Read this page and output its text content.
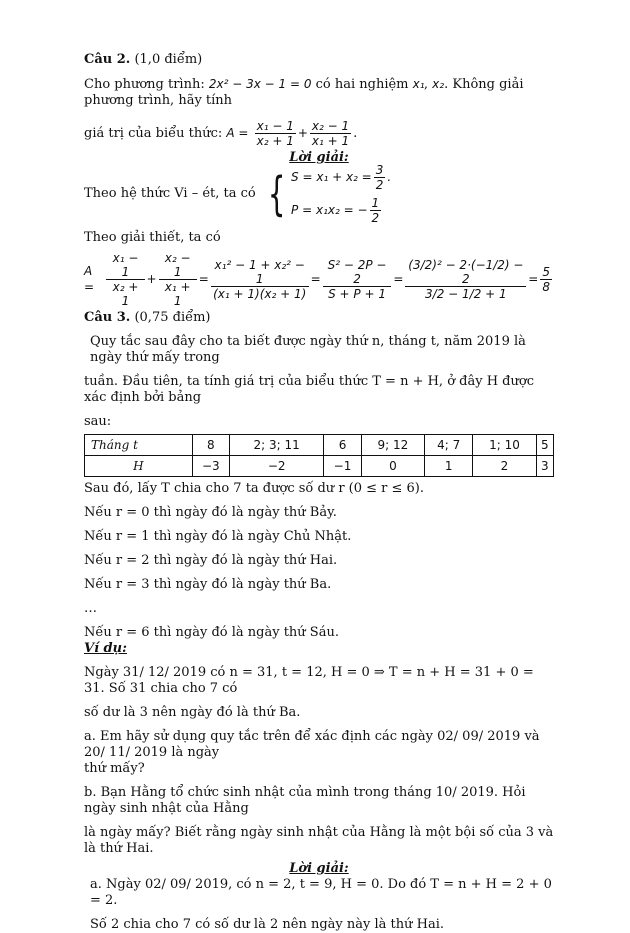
Câu 2. (1,0 điểm)

Cho phương trình: 2x² − 3x − 1 = 0 có hai nghiệm x₁, x₂. Không giải phương trình, hãy tính

giá trị của biểu thức: $A = \frac{\text{x₁ − 1}}{\text{x₂ + 1}} + \frac{\text{x₂ − 1}}{\text{x₁ + 1}}$ .

Lời giải:

Theo hệ thức Vi – ét, ta có { $S = x_1 + x_2 = \frac{3}{2}$ .
P = x₁x₂ = − $\frac{1}{2}$

Theo giải thiết, ta có

A =	$\frac{\text{x₁ − 1}}{\text{x₂ + 1}} + \frac{\text{x₂ − 1}}{\text{x₁ + 1}} = \frac{\text{x₁² − 1 + x₂² − 1}}{\text{(x₁ + 1)(x₂ + 1)}} = \frac{\text{S² − 2P − 2}}{S + P + 1} = \frac{\text{(3/2)² − 2·(−1/2) − 2}}{3/2 - 1/2 + 1} = \frac{5}{8}$

Câu 3. (0,75 điểm)

Quy tắc sau đây cho ta biết được ngày thứ n, tháng t, năm 2019 là ngày thứ mấy trong

tuần. Đầu tiên, ta tính giá trị của biểu thức T = n + H, ở đây H được xác định bởi bảng

sau:

Tháng t	8	2; 3; 11	6	9; 12	4; 7	1; 10	5
H	−3	−2	−1	0	1	2	3

Sau đó, lấy T chia cho 7 ta được số dư r (0 ≤ r ≤ 6).

Nếu r = 0 thì ngày đó là ngày thứ Bảy.

Nếu r = 1 thì ngày đó là ngày Chủ Nhật.

Nếu r = 2 thì ngày đó là ngày thứ Hai.

Nếu r = 3 thì ngày đó là ngày thứ Ba.

…

Nếu r = 6 thì ngày đó là ngày thứ Sáu.

Ví dụ:

Ngày 31/ 12/ 2019 có n = 31, t = 12, H = 0 ⇒ T = n + H = 31 + 0 = 31. Số 31 chia cho 7 có

số dư là 3 nên ngày đó là thứ Ba.

a. Em hãy sử dụng quy tắc trên để xác định các ngày 02/ 09/ 2019 và 20/ 11/ 2019 là ngày

thứ mấy?

b. Bạn Hằng tổ chức sinh nhật của mình trong tháng 10/ 2019. Hỏi ngày sinh nhật của Hằng

là ngày mấy? Biết rằng ngày sinh nhật của Hằng là một bội số của 3 và là thứ Hai.

Lời giải:

a. Ngày 02/ 09/ 2019, có n = 2, t = 9, H = 0. Do đó T = n + H = 2 + 0 = 2.

Số 2 chia cho 7 có số dư là 2 nên ngày này là thứ Hai.
